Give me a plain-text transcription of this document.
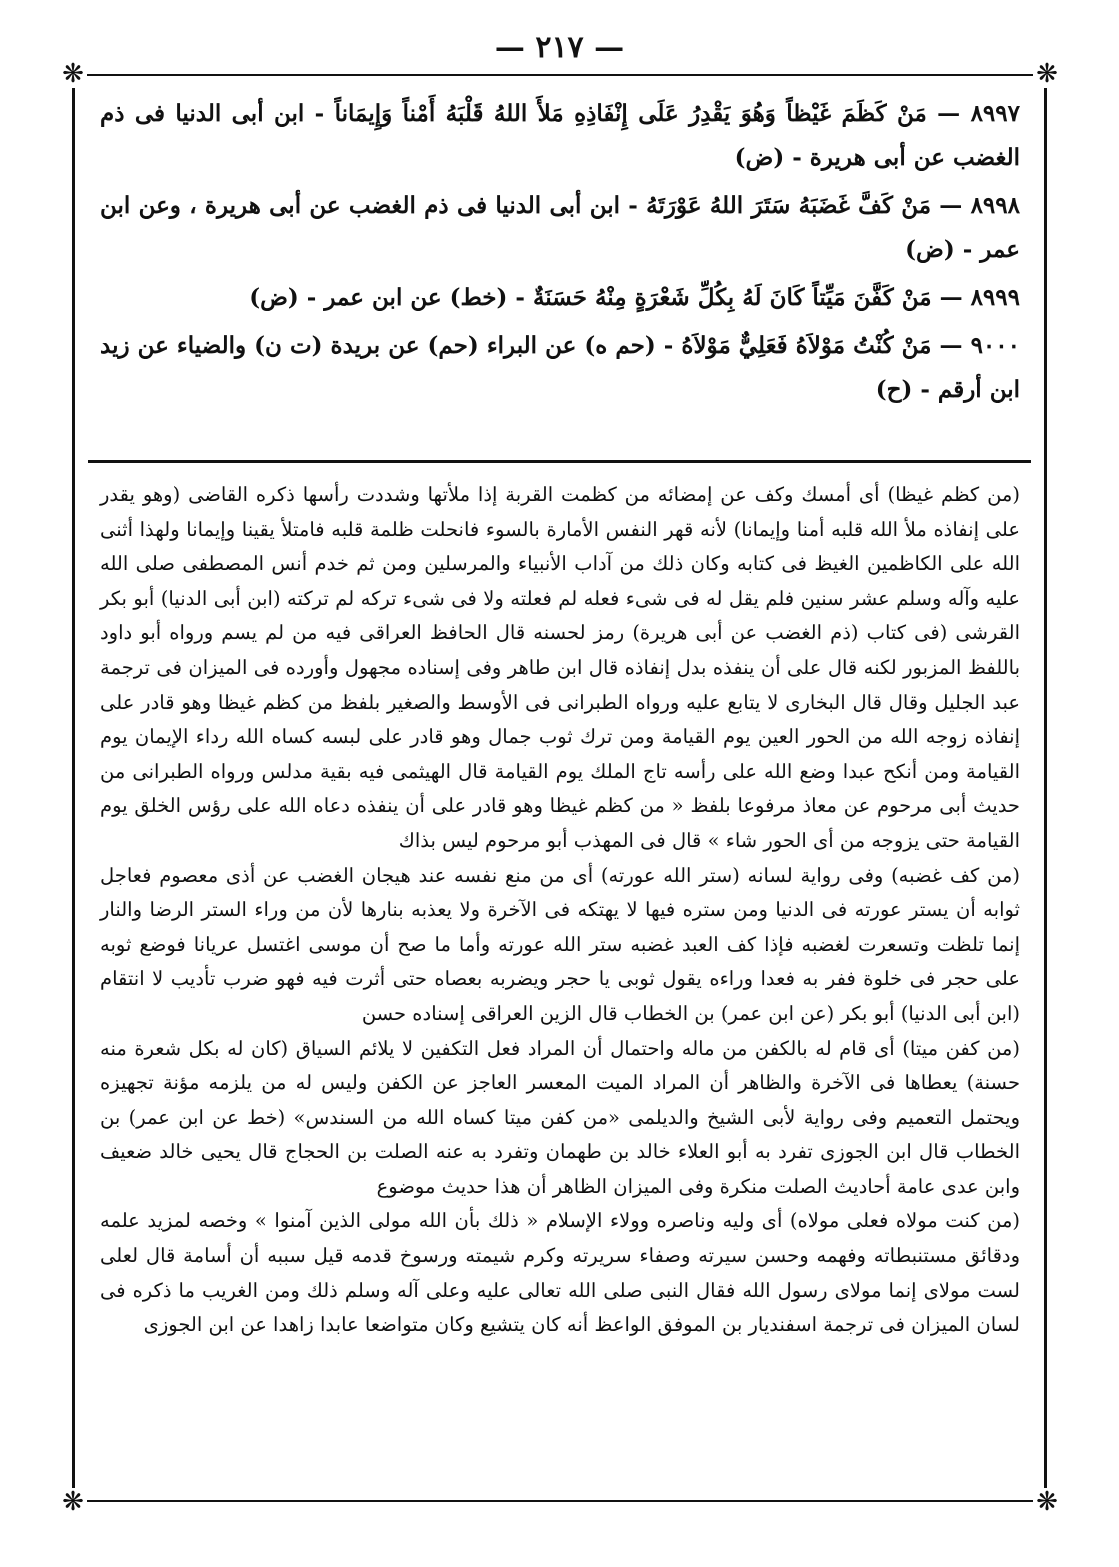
— ٢١٧ —
❋	❋
❋	❋

٨٩٩٧ — مَنْ كَظَمَ غَيْظاً وَهُوَ يَقْدِرُ عَلَى إِنْفَاذِهِ مَلأَ اللهُ قَلْبَهُ أَمْناً وَإِيمَاناً - ابن أبى الدنيا فى ذم الغضب عن أبى هريرة - (ض)

٨٩٩٨ — مَنْ كَفَّ غَضَبَهُ سَتَرَ اللهُ عَوْرَتَهُ - ابن أبى الدنيا فى ذم الغضب عن أبى هريرة ، وعن ابن عمر - (ض)

٨٩٩٩ — مَنْ كَفَّنَ مَيِّتاً كَانَ لَهُ بِكُلِّ شَعْرَةٍ مِنْهُ حَسَنَةٌ - (خط) عن ابن عمر - (ض)

٩٠٠٠ — مَنْ كُنْتُ مَوْلاَهُ فَعَلِيٌّ مَوْلاَهُ - (حم ه) عن البراء (حم) عن بريدة (ت ن) والضياء عن زيد ابن أرقم - (ح)

(من كظم غيظا) أى أمسك وكف عن إمضائه من كظمت القربة إذا ملأتها وشددت رأسها ذكره القاضى (وهو يقدر على إنفاذه ملأ الله قلبه أمنا وإيمانا) لأنه قهر النفس الأمارة بالسوء فانحلت ظلمة قلبه فامتلأ يقينا وإيمانا ولهذا أثنى الله على الكاظمين الغيظ فى كتابه وكان ذلك من آداب الأنبياء والمرسلين ومن ثم خدم أنس المصطفى صلى الله عليه وآله وسلم عشر سنين فلم يقل له فى شىء فعله لم فعلته ولا فى شىء تركه لم تركته (ابن أبى الدنيا) أبو بكر القرشى (فى كتاب (ذم الغضب عن أبى هريرة) رمز لحسنه قال الحافظ العراقى فيه من لم يسم ورواه أبو داود باللفظ المزبور لكنه قال على أن ينفذه بدل إنفاذه قال ابن طاهر وفى إسناده مجهول وأورده فى الميزان فى ترجمة عبد الجليل وقال قال البخارى لا يتابع عليه ورواه الطبرانى فى الأوسط والصغير بلفظ من كظم غيظا وهو قادر على إنفاذه زوجه الله من الحور العين يوم القيامة ومن ترك ثوب جمال وهو قادر على لبسه كساه الله رداء الإيمان يوم القيامة ومن أنكح عبدا وضع الله على رأسه تاج الملك يوم القيامة قال الهيثمى فيه بقية مدلس ورواه الطبرانى من حديث أبى مرحوم عن معاذ مرفوعا بلفظ « من كظم غيظا وهو قادر على أن ينفذه دعاه الله على رؤس الخلق يوم القيامة حتى يزوجه من أى الحور شاء » قال فى المهذب أبو مرحوم ليس بذاك

(من كف غضبه) وفى رواية لسانه (ستر الله عورته) أى من منع نفسه عند هيجان الغضب عن أذى معصوم فعاجل ثوابه أن يستر عورته فى الدنيا ومن ستره فيها لا يهتكه فى الآخرة ولا يعذبه بنارها لأن من وراء الستر الرضا والنار إنما تلظت وتسعرت لغضبه فإذا كف العبد غضبه ستر الله عورته وأما ما صح أن موسى اغتسل عريانا فوضع ثوبه على حجر فى خلوة ففر به فعدا وراءه يقول ثوبى يا حجر ويضربه بعصاه حتى أثرت فيه فهو ضرب تأديب لا انتقام (ابن أبى الدنيا) أبو بكر (عن ابن عمر) بن الخطاب قال الزين العراقى إسناده حسن

(من كفن ميتا) أى قام له بالكفن من ماله واحتمال أن المراد فعل التكفين لا يلائم السياق (كان له بكل شعرة منه حسنة) يعطاها فى الآخرة والظاهر أن المراد الميت المعسر العاجز عن الكفن وليس له من يلزمه مؤنة تجهيزه ويحتمل التعميم وفى رواية لأبى الشيخ والديلمى «من كفن ميتا كساه الله من السندس» (خط عن ابن عمر) بن الخطاب قال ابن الجوزى تفرد به أبو العلاء خالد بن طهمان وتفرد به عنه الصلت بن الحجاج قال يحيى خالد ضعيف وابن عدى عامة أحاديث الصلت منكرة وفى الميزان الظاهر أن هذا حديث موضوع

(من كنت مولاه فعلى مولاه) أى وليه وناصره وولاء الإسلام « ذلك بأن الله مولى الذين آمنوا » وخصه لمزيد علمه ودقائق مستنبطاته وفهمه وحسن سيرته وصفاء سريرته وكرم شيمته ورسوخ قدمه قيل سببه أن أسامة قال لعلى لست مولاى إنما مولاى رسول الله فقال النبى صلى الله تعالى عليه وعلى آله وسلم ذلك ومن الغريب ما ذكره فى لسان الميزان فى ترجمة اسفنديار بن الموفق الواعظ أنه كان يتشيع وكان متواضعا عابدا زاهدا عن ابن الجوزى
